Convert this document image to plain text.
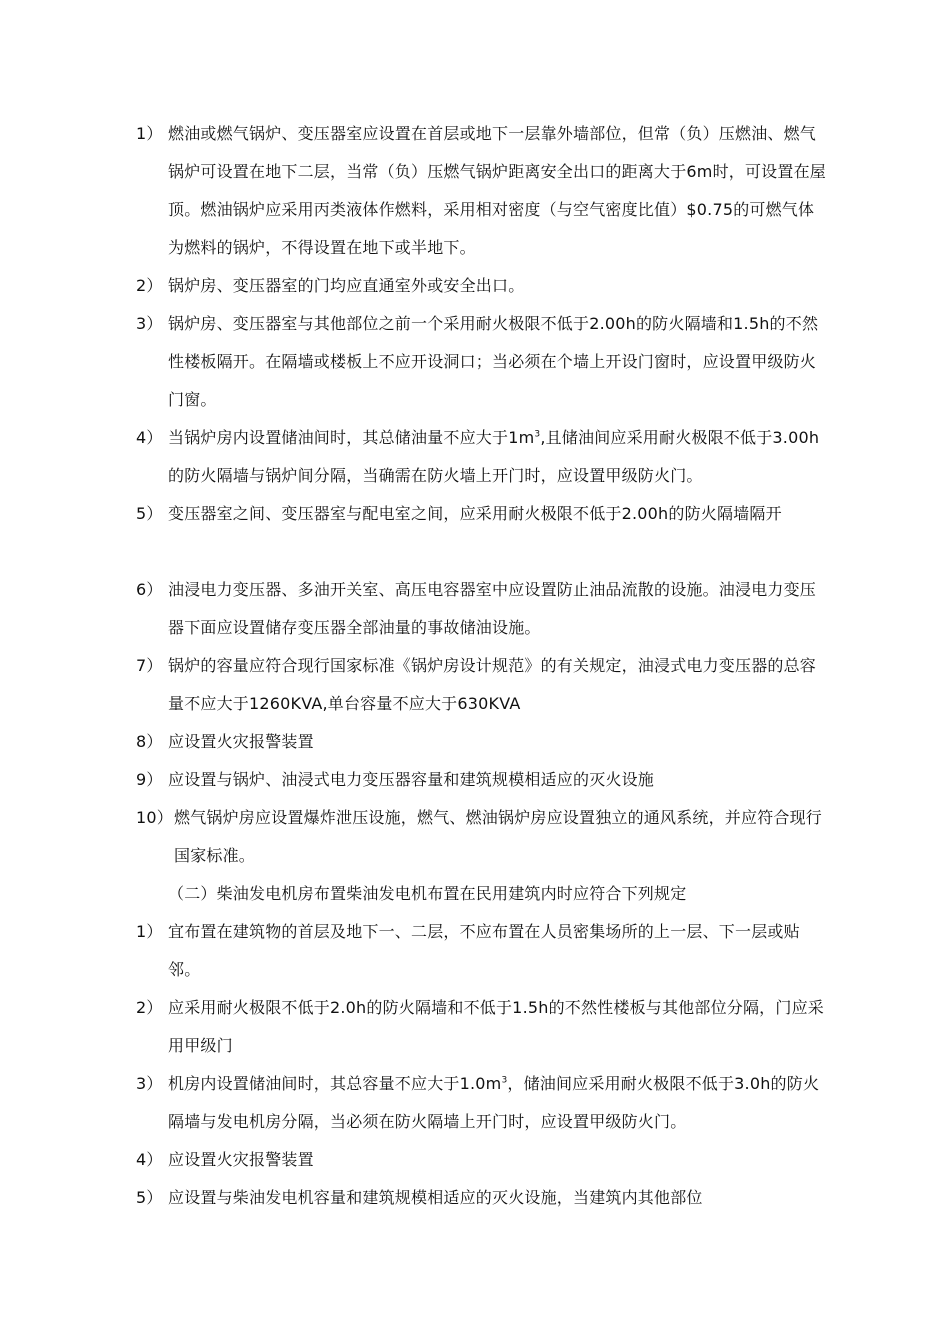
1） 燃油或燃气锅炉、变压器室应设置在首层或地下一层靠外墙部位，但常（负）压燃油、燃气锅炉可设置在地下二层，当常（负）压燃气锅炉距离安全出口的距离大于6m时，可设置在屋顶。燃油锅炉应采用丙类液体作燃料，采用相对密度（与空气密度比值）$0.75的可燃气体为燃料的锅炉，不得设置在地下或半地下。
2） 锅炉房、变压器室的门均应直通室外或安全出口。
3） 锅炉房、变压器室与其他部位之前一个采用耐火极限不低于2.00h的防火隔墙和1.5h的不然性楼板隔开。在隔墙或楼板上不应开设洞口；当必须在个墙上开设门窗时，应设置甲级防火门窗。
4） 当锅炉房内设置储油间时，其总储油量不应大于$1m^3$,且储油间应采用耐火极限不低于3.00h的防火隔墙与锅炉间分隔，当确需在防火墙上开门时，应设置甲级防火门。
5） 变压器室之间、变压器室与配电室之间，应采用耐火极限不低于2.00h的防火隔墙隔开
6） 油浸电力变压器、多油开关室、高压电容器室中应设置防止油品流散的设施。油浸电力变压器下面应设置储存变压器全部油量的事故储油设施。
7） 锅炉的容量应符合现行国家标准《锅炉房设计规范》的有关规定，油浸式电力变压器的总容量不应大于1260KVA,单台容量不应大于630KVA
8） 应设置火灾报警装置
9） 应设置与锅炉、油浸式电力变压器容量和建筑规模相适应的灭火设施
10） 燃气锅炉房应设置爆炸泄压设施，燃气、燃油锅炉房应设置独立的通风系统，并应符合现行国家标准。
（二）柴油发电机房布置柴油发电机布置在民用建筑内时应符合下列规定
1） 宜布置在建筑物的首层及地下一、二层，不应布置在人员密集场所的上一层、下一层或贴邻。
2） 应采用耐火极限不低于2.0h的防火隔墙和不低于1.5h的不然性楼板与其他部位分隔，门应采用甲级门
3） 机房内设置储油间时，其总容量不应大于$1.0m^3$，储油间应采用耐火极限不低于3.0h的防火隔墙与发电机房分隔，当必须在防火隔墙上开门时，应设置甲级防火门。
4） 应设置火灾报警装置
5） 应设置与柴油发电机容量和建筑规模相适应的灭火设施，当建筑内其他部位
